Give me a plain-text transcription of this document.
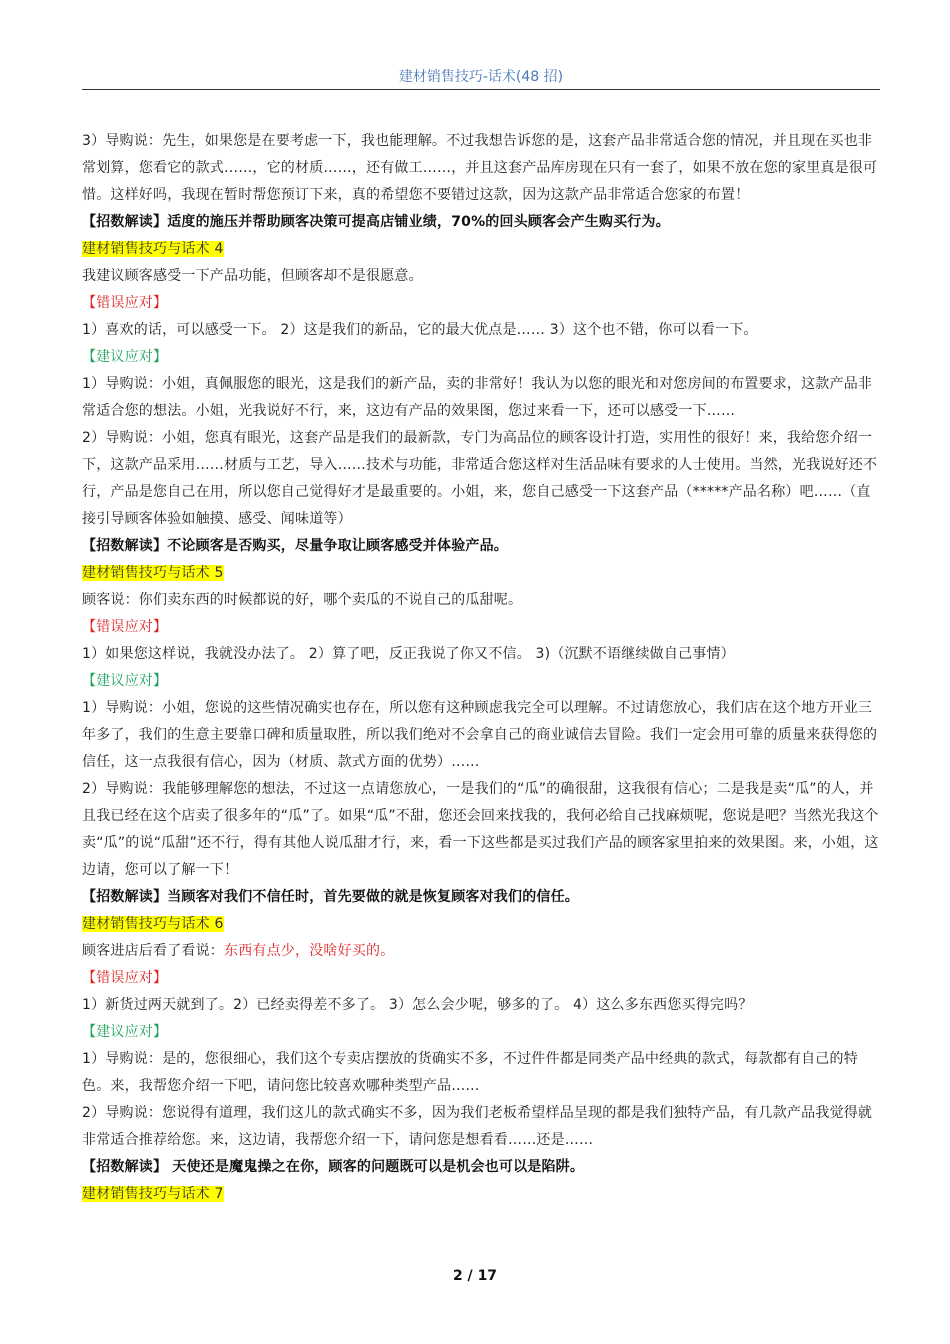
建材销售技巧-话术(48 招)

3）导购说：先生，如果您是在要考虑一下，我也能理解。不过我想告诉您的是，这套产品非常适合您的情况，并且现在买也非常划算，您看它的款式……，它的材质……，还有做工……，并且这套产品库房现在只有一套了，如果不放在您的家里真是很可惜。这样好吗，我现在暂时帮您预订下来，真的希望您不要错过这款，因为这款产品非常适合您家的布置！

【招数解读】适度的施压并帮助顾客决策可提高店铺业绩，70%的回头顾客会产生购买行为。

建材销售技巧与话术 4

我建议顾客感受一下产品功能，但顾客却不是很愿意。

【错误应对】

1）喜欢的话，可以感受一下。 2）这是我们的新品，它的最大优点是…… 3）这个也不错，你可以看一下。

【建议应对】

1）导购说：小姐，真佩服您的眼光，这是我们的新产品，卖的非常好！我认为以您的眼光和对您房间的布置要求，这款产品非常适合您的想法。小姐，光我说好不行，来，这边有产品的效果图，您过来看一下，还可以感受一下……

2）导购说：小姐，您真有眼光，这套产品是我们的最新款，专门为高品位的顾客设计打造，实用性的很好！来，我给您介绍一下，这款产品采用……材质与工艺，导入……技术与功能，非常适合您这样对生活品味有要求的人士使用。当然，光我说好还不行，产品是您自己在用，所以您自己觉得好才是最重要的。小姐，来，您自己感受一下这套产品（*****产品名称）吧……（直接引导顾客体验如触摸、感受、闻味道等）

【招数解读】不论顾客是否购买，尽量争取让顾客感受并体验产品。

建材销售技巧与话术 5

顾客说：你们卖东西的时候都说的好，哪个卖瓜的不说自己的瓜甜呢。

【错误应对】

1）如果您这样说，我就没办法了。 2）算了吧，反正我说了你又不信。 3)（沉默不语继续做自己事情）

【建议应对】

1）导购说：小姐，您说的这些情况确实也存在，所以您有这种顾虑我完全可以理解。不过请您放心，我们店在这个地方开业三年多了，我们的生意主要靠口碑和质量取胜，所以我们绝对不会拿自己的商业诚信去冒险。我们一定会用可靠的质量来获得您的信任，这一点我很有信心，因为（材质、款式方面的优势）……

2）导购说：我能够理解您的想法，不过这一点请您放心，一是我们的“瓜”的确很甜，这我很有信心；二是我是卖“瓜”的人，并且我已经在这个店卖了很多年的“瓜”了。如果“瓜”不甜，您还会回来找我的，我何必给自己找麻烦呢，您说是吧？当然光我这个卖“瓜”的说“瓜甜”还不行，得有其他人说瓜甜才行，来，看一下这些都是买过我们产品的顾客家里拍来的效果图。来，小姐，这边请，您可以了解一下！

【招数解读】当顾客对我们不信任时，首先要做的就是恢复顾客对我们的信任。

建材销售技巧与话术 6

顾客进店后看了看说：东西有点少，没啥好买的。

【错误应对】

1）新货过两天就到了。2）已经卖得差不多了。 3）怎么会少呢，够多的了。 4）这么多东西您买得完吗？

【建议应对】

1）导购说：是的，您很细心，我们这个专卖店摆放的货确实不多，不过件件都是同类产品中经典的款式，每款都有自己的特色。来，我帮您介绍一下吧，请问您比较喜欢哪种类型产品……

2）导购说：您说得有道理，我们这儿的款式确实不多，因为我们老板希望样品呈现的都是我们独特产品，有几款产品我觉得就非常适合推荐给您。来，这边请，我帮您介绍一下，请问您是想看看……还是……

【招数解读】 天使还是魔鬼操之在你，顾客的问题既可以是机会也可以是陷阱。

建材销售技巧与话术 7

2 / 17
